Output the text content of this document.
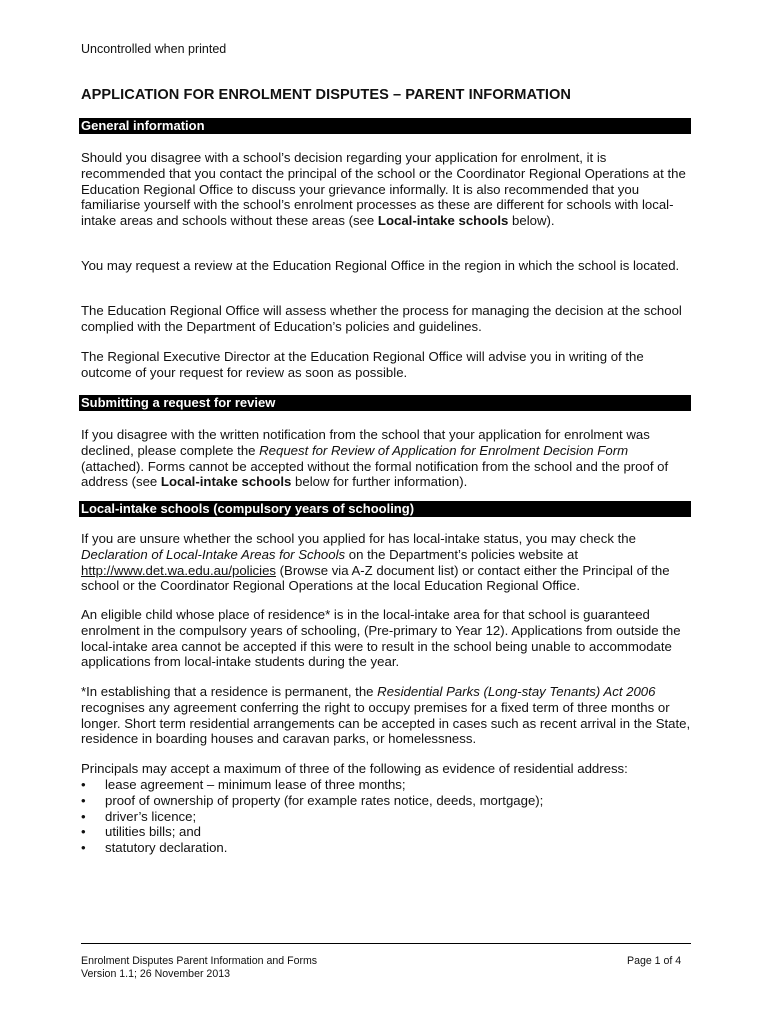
Uncontrolled when printed
APPLICATION FOR ENROLMENT DISPUTES – PARENT INFORMATION
General information

Should you disagree with a school’s decision regarding your application for enrolment, it is recommended that you contact the principal of the school or the Coordinator Regional Operations at the Education Regional Office to discuss your grievance informally. It is also recommended that you familiarise yourself with the school’s enrolment processes as these are different for schools with local-intake areas and schools without these areas (see Local-intake schools below).

You may request a review at the Education Regional Office in the region in which the school is located.

The Education Regional Office will assess whether the process for managing the decision at the school complied with the Department of Education’s policies and guidelines.

The Regional Executive Director at the Education Regional Office will advise you in writing of the outcome of your request for review as soon as possible.

Submitting a request for review

If you disagree with the written notification from the school that your application for enrolment was declined, please complete the Request for Review of Application for Enrolment Decision Form (attached). Forms cannot be accepted without the formal notification from the school and the proof of address (see Local-intake schools below for further information).

Local-intake schools (compulsory years of schooling)

If you are unsure whether the school you applied for has local-intake status, you may check the Declaration of Local-Intake Areas for Schools on the Department’s policies website at http://www.det.wa.edu.au/policies (Browse via A-Z document list) or contact either the Principal of the school or the Coordinator Regional Operations at the local Education Regional Office.

An eligible child whose place of residence* is in the local-intake area for that school is guaranteed enrolment in the compulsory years of schooling, (Pre-primary to Year 12). Applications from outside the local-intake area cannot be accepted if this were to result in the school being unable to accommodate applications from local-intake students during the year.

*In establishing that a residence is permanent, the Residential Parks (Long-stay Tenants) Act 2006 recognises any agreement conferring the right to occupy premises for a fixed term of three months or longer. Short term residential arrangements can be accepted in cases such as recent arrival in the State, residence in boarding houses and caravan parks, or homelessness.

Principals may accept a maximum of three of the following as evidence of residential address:

• lease agreement – minimum lease of three months;
• proof of ownership of property (for example rates notice, deeds, mortgage);
• driver’s licence;
• utilities bills; and
• statutory declaration.
Enrolment Disputes Parent Information and Forms
Version 1.1; 26 November 2013
Page 1 of 4
